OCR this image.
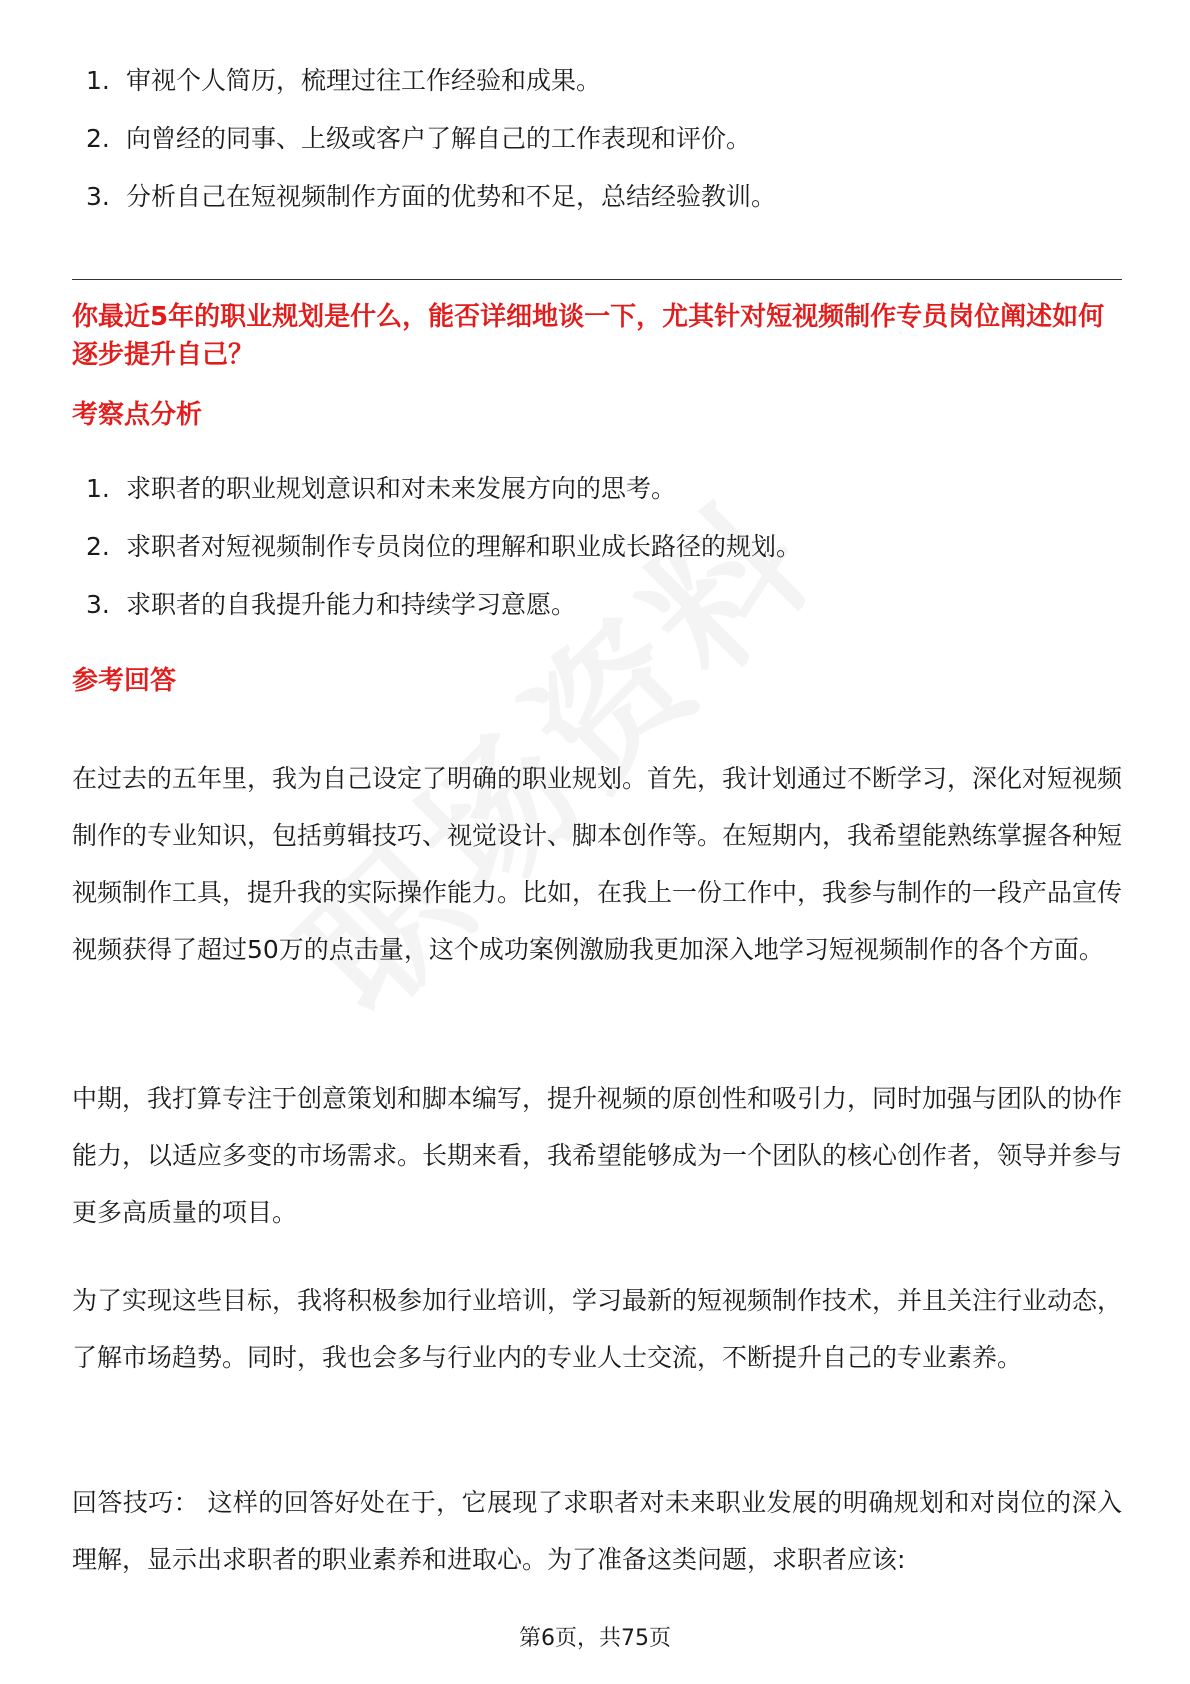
1. 审视个人简历，梳理过往工作经验和成果。
2. 向曾经的同事、上级或客户了解自己的工作表现和评价。
3. 分析自己在短视频制作方面的优势和不足，总结经验教训。
你最近5年的职业规划是什么，能否详细地谈一下，尤其针对短视频制作专员岗位阐述如何逐步提升自己？
考察点分析
1. 求职者的职业规划意识和对未来发展方向的思考。
2. 求职者对短视频制作专员岗位的理解和职业成长路径的规划。
3. 求职者的自我提升能力和持续学习意愿。
参考回答

在过去的五年里，我为自己设定了明确的职业规划。首先，我计划通过不断学习，深化对短视频制作的专业知识，包括剪辑技巧、视觉设计、脚本创作等。在短期内，我希望能熟练掌握各种短视频制作工具，提升我的实际操作能力。比如，在我上一份工作中，我参与制作的一段产品宣传视频获得了超过50万的点击量，这个成功案例激励我更加深入地学习短视频制作的各个方面。

中期，我打算专注于创意策划和脚本编写，提升视频的原创性和吸引力，同时加强与团队的协作能力，以适应多变的市场需求。长期来看，我希望能够成为一个团队的核心创作者，领导并参与更多高质量的项目。

为了实现这些目标，我将积极参加行业培训，学习最新的短视频制作技术，并且关注行业动态，了解市场趋势。同时，我也会多与行业内的专业人士交流，不断提升自己的专业素养。

回答技巧： 这样的回答好处在于，它展现了求职者对未来职业发展的明确规划和对岗位的深入理解，显示出求职者的职业素养和进取心。为了准备这类问题，求职者应该:

第6页，共75页
